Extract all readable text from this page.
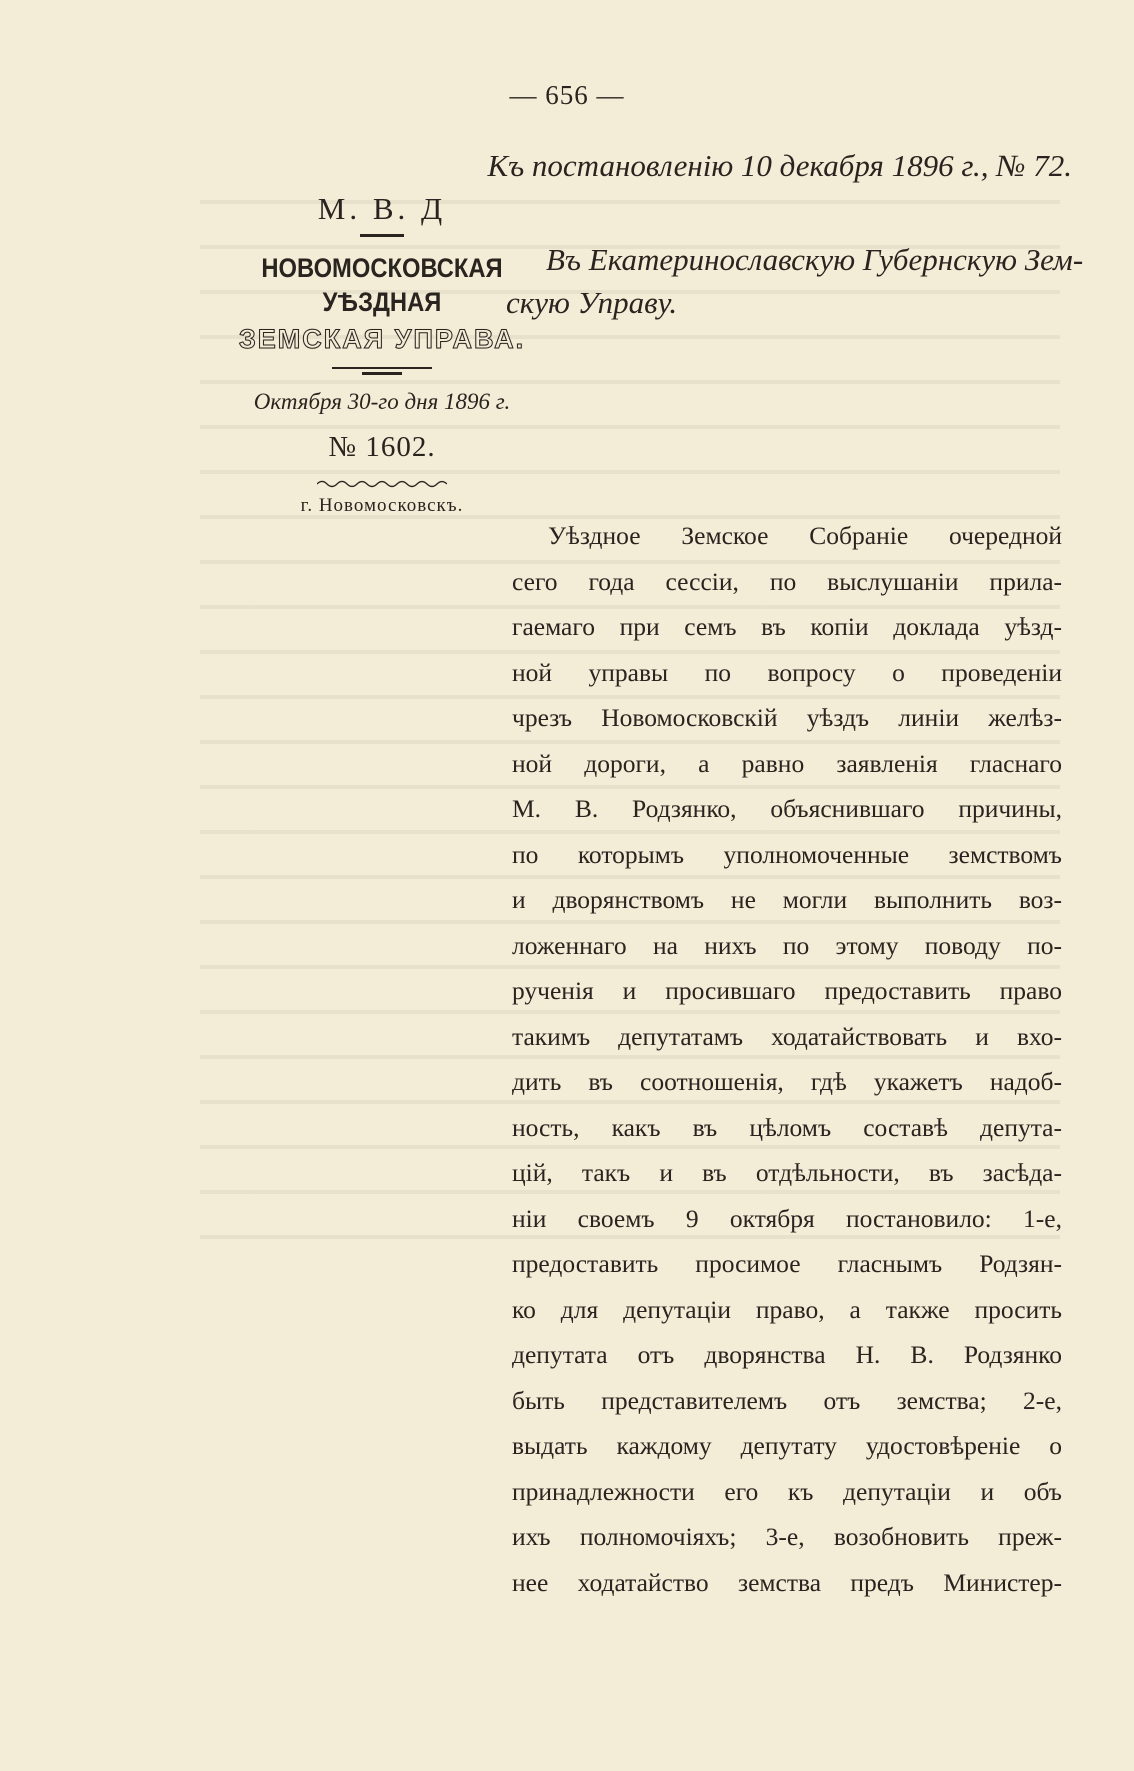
— 656 —
Къ постановленію 10 декабря 1896 г., № 72.
М. В. Д
НОВОМОСКОВСКАЯ
УѢЗДНАЯ
ЗЕМСКАЯ УПРАВА.
Октября 30-го дня 1896 г.
№ 1602.
г. Новомосковскъ.
Въ Екатеринославскую Губернскую Зем-
скую Управу.
Уѣздное Земское Собраніе очередной
сего года сессіи, по выслушаніи прила-
гаемаго при семъ въ копіи доклада уѣзд-
ной управы по вопросу о проведеніи
чрезъ Новомосковскій уѣздъ линіи желѣз-
ной дороги, а равно заявленія гласнаго
М. В. Родзянко, объяснившаго причины,
по которымъ уполномоченные земствомъ
и дворянствомъ не могли выполнить воз-
ложеннаго на нихъ по этому поводу по-
рученія и просившаго предоставить право
такимъ депутатамъ ходатайствовать и вхо-
дить въ соотношенія, гдѣ укажетъ надоб-
ность, какъ въ цѣломъ составѣ депута-
цій, такъ и въ отдѣльности, въ засѣда-
ніи своемъ 9 октября постановило: 1-е,
предоставить просимое гласнымъ Родзян-
ко для депутаціи право, а также просить
депутата отъ дворянства Н. В. Родзянко
быть представителемъ отъ земства; 2-е,
выдать каждому депутату удостовѣреніе о
принадлежности его къ депутаціи и объ
ихъ полномочіяхъ; 3-е, возобновить преж-
нее ходатайство земства предъ Министер-
